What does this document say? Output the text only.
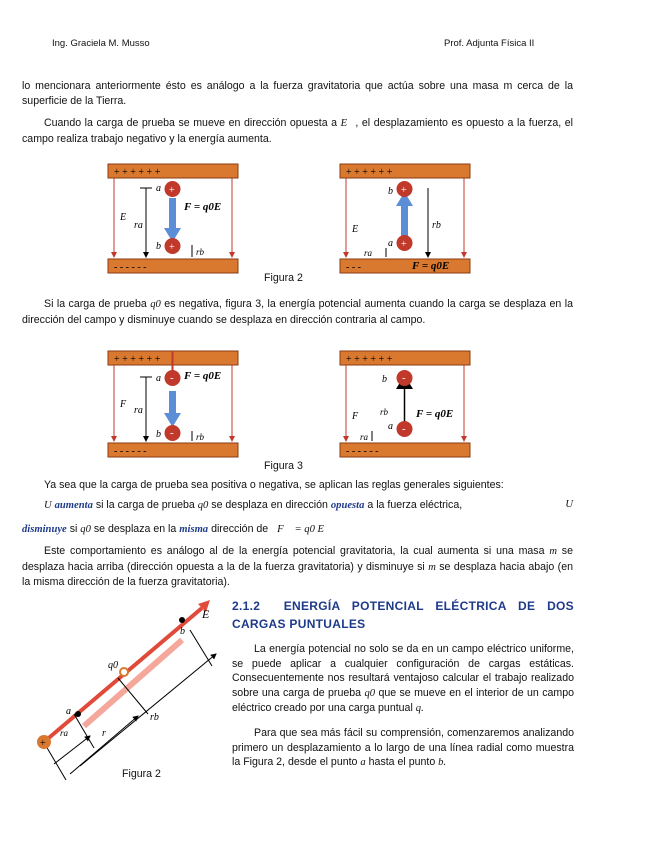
Ing. Graciela M. Musso	Prof. Adjunta Física II

lo mencionara anteriormente ésto es análogo a la fuerza gravitatoria que actúa sobre una masa m cerca de la superficie de la Tierra.

Cuando la carga de prueba se mueve en dirección opuesta a E⃗, el desplazamiento es opuesto a la fuerza, el campo realiza trabajo negativo y la energía aumenta.

+ + + + + +
- - - - - -
E
ra
a
b
+
+
F = q0E
rb
+ + + + + +
- - -
E
b
a
+
+
rb
ra
F = q0E
Figura 2

Si la carga de prueba q0 es negativa, figura 3, la energía potencial aumenta cuando la carga se desplaza en la dirección del campo y disminuye cuando se desplaza en dirección contraria al campo.

+ + + + + +
- - - - - -
F
ra
a
b
-
-
F = q0E
rb
+ + + + + +
- - - - - -
F
b
a
-
-
rb
ra
F = q0E
Figura 3

Ya sea que la carga de prueba sea positiva o negativa, se aplican las reglas generales siguientes:

U aumenta si la carga de prueba q0 se desplaza en dirección opuesta a la fuerza eléctrica,	U

disminuye si q0 se desplaza en la misma dirección de F⃗ = q0 E⃗

Este comportamiento es análogo al de la energía potencial gravitatoria, la cual aumenta si una masa m se desplaza hacia arriba (dirección opuesta a la de la fuerza gravitatoria) y disminuye si m se desplaza hacia abajo (en la misma dirección de la fuerza gravitatoria).

+
E
q0
a
b
ra	r
rb
Figura 2
2.1.2 ENERGÍA POTENCIAL ELÉCTRICA DE DOS CARGAS PUNTUALES

La energía potencial no solo se da en un campo eléctrico uniforme, se puede aplicar a cualquier configuración de cargas estáticas. Consecuentemente nos resultará ventajoso calcular el trabajo realizado sobre una carga de prueba q0 que se mueve en el interior de un campo eléctrico creado por una carga puntual q.

Para que sea más fácil su comprensión, comenzaremos analizando primero un desplazamiento a lo largo de una línea radial como muestra la Figura 2, desde el punto a hasta el punto b.
